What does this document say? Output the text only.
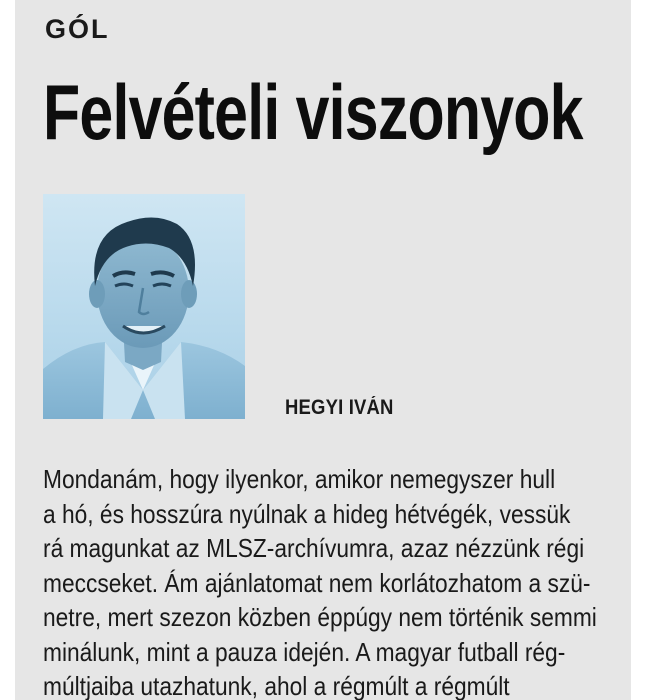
GÓL
Felvételi viszonyok
HEGYI IVÁN

Mondanám, hogy ilyenkor, amikor nemegyszer hull

a hó, és hosszúra nyúlnak a hideg hétvégék, vessük

rá magunkat az MLSZ-archívumra, azaz nézzünk régi

meccseket. Ám ajánlatomat nem korlátozhatom a szü-

netre, mert szezon közben éppúgy nem történik semmi

minálunk, mint a pauza idején. A magyar futball rég-

múltjaiba utazhatunk, ahol a régmúlt a régmúlt
